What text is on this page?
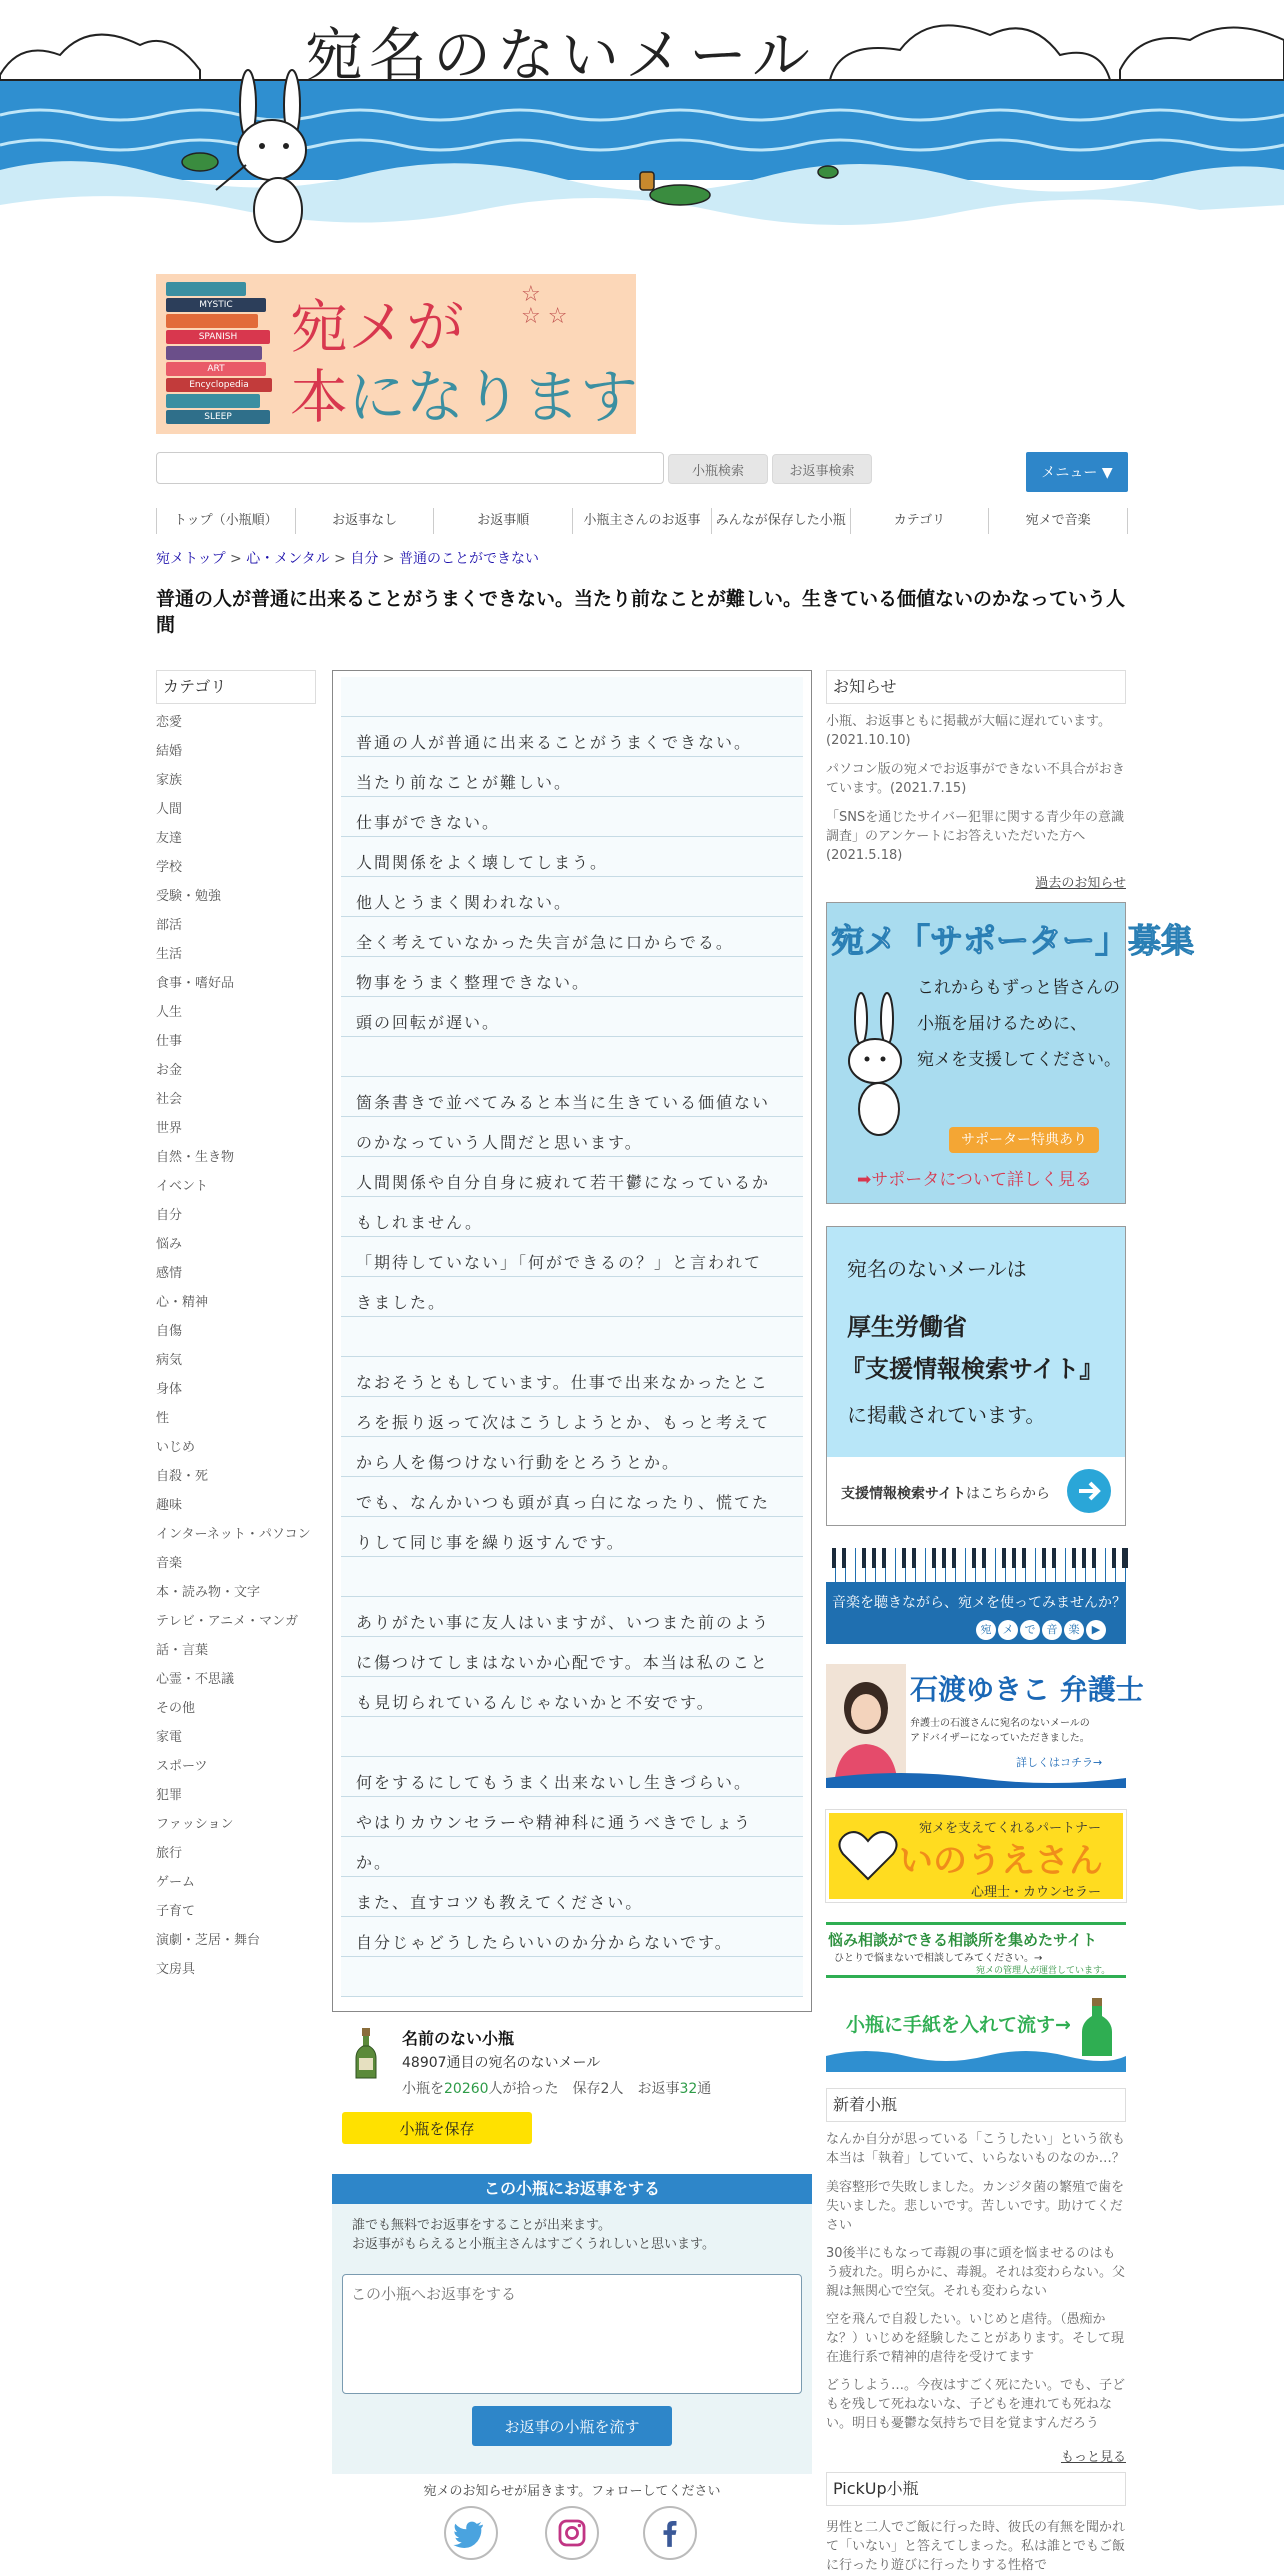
宛名のないメール
MYSTIC
SPANISH
ART
Encyclopedia
SLEEP
宛メが
本になります
☆
☆ ☆
小瓶検索	お返事検索	メニュー ▼
トップ（小瓶順）	お返事なし	お返事順	小瓶主さんのお返事	みんなが保存した小瓶	カテゴリ	宛メで音楽
宛メトップ > 心・メンタル > 自分 > 普通のことができない
普通の人が普通に出来ることがうまくできない。当たり前なことが難しい。生きている価値ないのかなっていう人間
カテゴリ
恋愛
結婚
家族
人間
友達
学校
受験・勉強
部活
生活
食事・嗜好品
人生
仕事
お金
社会
世界
自然・生き物
イベント
自分
悩み
感情
心・精神
自傷
病気
身体
性
いじめ
自殺・死
趣味
インターネット・パソコン
音楽
本・読み物・文字
テレビ・アニメ・マンガ
話・言葉
心霊・不思議
その他
家電
スポーツ
犯罪
ファッション
旅行
ゲーム
子育て
演劇・芝居・舞台
文房具
普通の人が普通に出来ることがうまくできない。
当たり前なことが難しい。
仕事ができない。
人間関係をよく壊してしまう。
他人とうまく関われない。
全く考えていなかった失言が急に口からでる。
物事をうまく整理できない。
頭の回転が遅い。
箇条書きで並べてみると本当に生きている価値ない
のかなっていう人間だと思います。
人間関係や自分自身に疲れて若干鬱になっているか
もしれません。
「期待していない」「何ができるの？」と言われて
きました。
なおそうともしています。仕事で出来なかったとこ
ろを振り返って次はこうしようとか、もっと考えて
から人を傷つけない行動をとろうとか。
でも、なんかいつも頭が真っ白になったり、慌てた
りして同じ事を繰り返すんです。
ありがたい事に友人はいますが、いつまた前のよう
に傷つけてしまはないか心配です。本当は私のこと
も見切られているんじゃないかと不安です。
何をするにしてもうまく出来ないし生きづらい。
やはりカウンセラーや精神科に通うべきでしょう
か。
また、直すコツも教えてください。
自分じゃどうしたらいいのか分からないです。
名前のない小瓶
48907通目の宛名のないメール
小瓶を20260人が拾った　 保存2人　 お返事32通
小瓶を保存
この小瓶にお返事をする
誰でも無料でお返事をすることが出来ます。
お返事がもらえると小瓶主さんはすごくうれしいと思います。
この小瓶へお返事をする
お返事の小瓶を流す
宛メのお知らせが届きます。フォローしてください
お知らせ
小瓶、お返事ともに掲載が大幅に遅れています。(2021.10.10)
パソコン版の宛メでお返事ができない不具合がおきています。(2021.7.15)
「SNSを通じたサイバー犯罪に関する青少年の意識調査」のアンケートにお答えいただいた方へ(2021.5.18)
過去のお知らせ
宛メ「サポーター」募集
これからもずっと皆さんの
小瓶を届けるために、
宛メを支援してください。
サポーター特典あり
➡サポータについて詳しく見る
宛名のないメールは
厚生労働省
『支援情報検索サイト』
に掲載されています。
支援情報検索サイトはこちらから
音楽を聴きながら、宛メを使ってみませんか？
宛 メ で 音 楽 ▶
石渡ゆきこ 弁護士
弁護士の石渡さんに宛名のないメールの
アドバイザーになっていただきました。
詳しくはコチラ→
宛メを支えてくれるパートナー
いのうえさん
心理士・カウンセラー
悩み相談ができる相談所を集めたサイト
ひとりで悩まないで相談してみてください。→
宛メの管理人が運営しています。
小瓶に手紙を入れて流す→
新着小瓶
なんか自分が思っている「こうしたい」という欲も本当は「執着」していて、いらないものなのか…？
美容整形で失敗しました。カンジタ菌の繁殖で歯を失いました。悲しいです。苦しいです。助けてください
30後半にもなって毒親の事に頭を悩ませるのはもう疲れた。明らかに、毒親。それは変わらない。父親は無関心で空気。それも変わらない
空を飛んで自殺したい。いじめと虐待。（愚痴かな？）いじめを経験したことがあります。そして現在進行系で精神的虐待を受けてます
どうしよう…。今夜はすごく死にたい。でも、子どもを残して死ねないな、子どもを連れても死ねない。明日も憂鬱な気持ちで目を覚ますんだろう
もっと見る
PickUp小瓶
男性と二人でご飯に行った時、彼氏の有無を聞かれて「いない」と答えてしまった。私は誰とでもご飯に行ったり遊びに行ったりする性格で
